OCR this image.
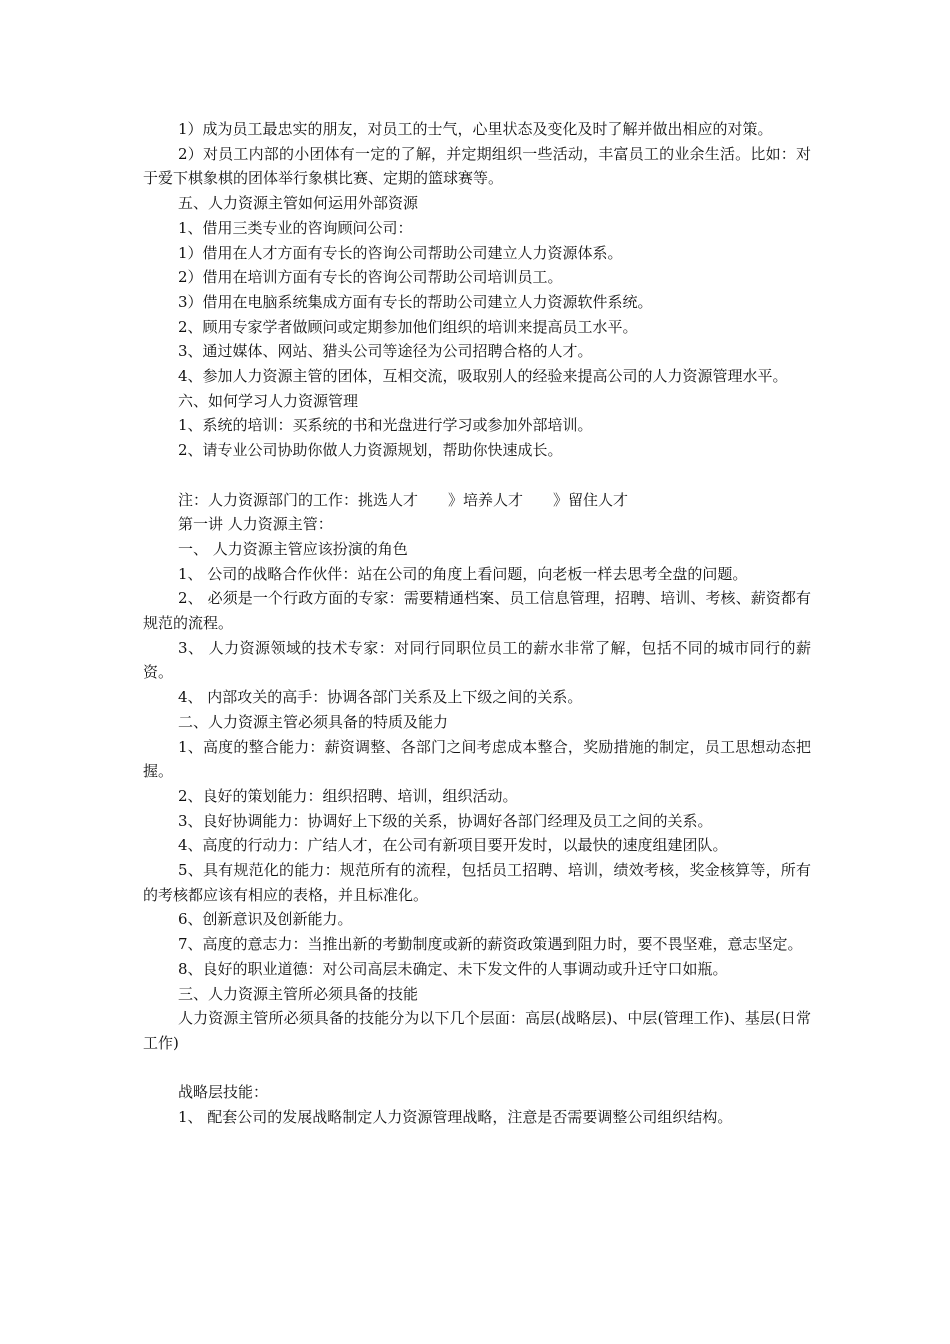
1）成为员工最忠实的朋友，对员工的士气，心里状态及变化及时了解并做出相应的对策。

2）对员工内部的小团体有一定的了解，并定期组织一些活动，丰富员工的业余生活。比如：对于爱下棋象棋的团体举行象棋比赛、定期的篮球赛等。

五、人力资源主管如何运用外部资源

1、借用三类专业的咨询顾问公司：

1）借用在人才方面有专长的咨询公司帮助公司建立人力资源体系。

2）借用在培训方面有专长的咨询公司帮助公司培训员工。

3）借用在电脑系统集成方面有专长的帮助公司建立人力资源软件系统。

2、顾用专家学者做顾问或定期参加他们组织的培训来提高员工水平。

3、通过媒体、网站、猎头公司等途径为公司招聘合格的人才。

4、参加人力资源主管的团体，互相交流，吸取别人的经验来提高公司的人力资源管理水平。

六、如何学习人力资源管理

1、系统的培训：买系统的书和光盘进行学习或参加外部培训。

2、请专业公司协助你做人力资源规划，帮助你快速成长。

注：人力资源部门的工作：挑选人才　　》培养人才　　》留住人才

第一讲 人力资源主管：

一、 人力资源主管应该扮演的角色

1、 公司的战略合作伙伴：站在公司的角度上看问题，向老板一样去思考全盘的问题。

2、 必须是一个行政方面的专家：需要精通档案、员工信息管理，招聘、培训、考核、薪资都有规范的流程。

3、 人力资源领域的技术专家：对同行同职位员工的薪水非常了解，包括不同的城市同行的薪资。

4、 内部攻关的高手：协调各部门关系及上下级之间的关系。

二、人力资源主管必须具备的特质及能力

1、高度的整合能力：薪资调整、各部门之间考虑成本整合，奖励措施的制定，员工思想动态把握。

2、良好的策划能力：组织招聘、培训，组织活动。

3、良好协调能力：协调好上下级的关系，协调好各部门经理及员工之间的关系。

4、高度的行动力：广结人才，在公司有新项目要开发时，以最快的速度组建团队。

5、具有规范化的能力：规范所有的流程，包括员工招聘、培训，绩效考核，奖金核算等，所有的考核都应该有相应的表格，并且标准化。

6、创新意识及创新能力。

7、高度的意志力：当推出新的考勤制度或新的薪资政策遇到阻力时，要不畏坚难，意志坚定。

8、良好的职业道德：对公司高层未确定、未下发文件的人事调动或升迁守口如瓶。

三、人力资源主管所必须具备的技能

人力资源主管所必须具备的技能分为以下几个层面：高层(战略层)、中层(管理工作)、基层(日常工作)

战略层技能：

1、 配套公司的发展战略制定人力资源管理战略，注意是否需要调整公司组织结构。
